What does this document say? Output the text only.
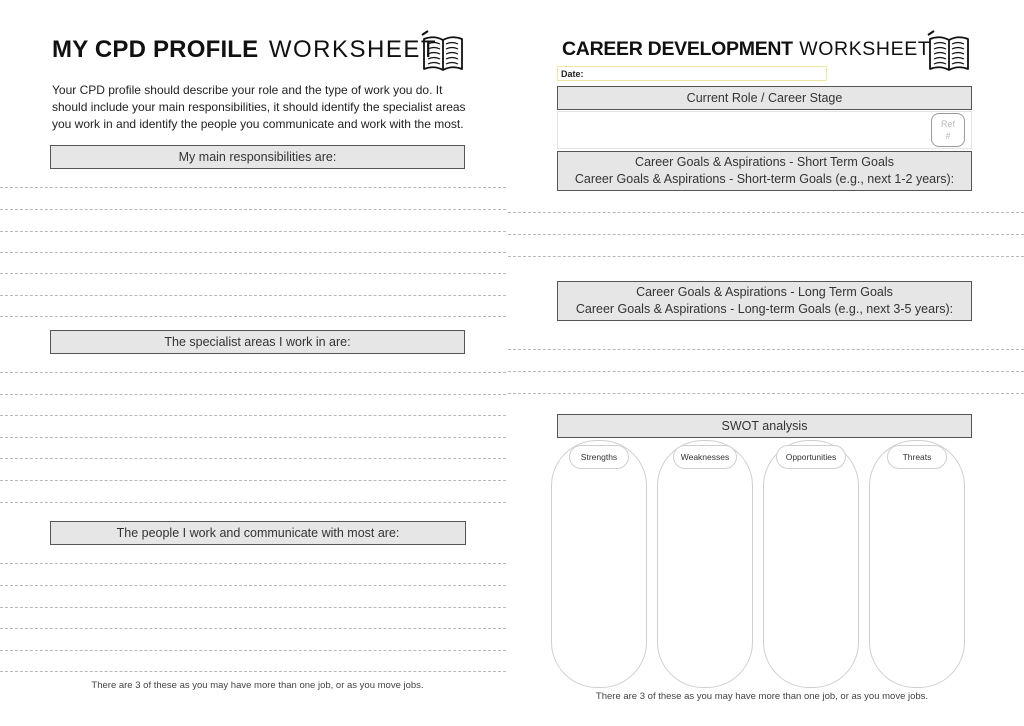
MY CPD PROFILE WORKSHEET
Your CPD profile should describe your role and the type of work you do. It
should include your main responsibilities, it should identify the specialist areas
you work in and identify the people you communicate and work with the most.
My main responsibilities are:
The specialist areas I work in are:
The people I work and communicate with most are:
There are 3 of these as you may have more than one job, or as you move jobs.
CAREER DEVELOPMENT WORKSHEET
Date:
Current Role / Career Stage
Ref
#
Career Goals & Aspirations - Short Term Goals
Career Goals & Aspirations - Short-term Goals (e.g., next 1-2 years):
Career Goals & Aspirations - Long Term Goals
Career Goals & Aspirations - Long-term Goals (e.g., next 3-5 years):
SWOT analysis
Strengths	Weaknesses	Opportunities	Threats
There are 3 of these as you may have more than one job, or as you move jobs.
